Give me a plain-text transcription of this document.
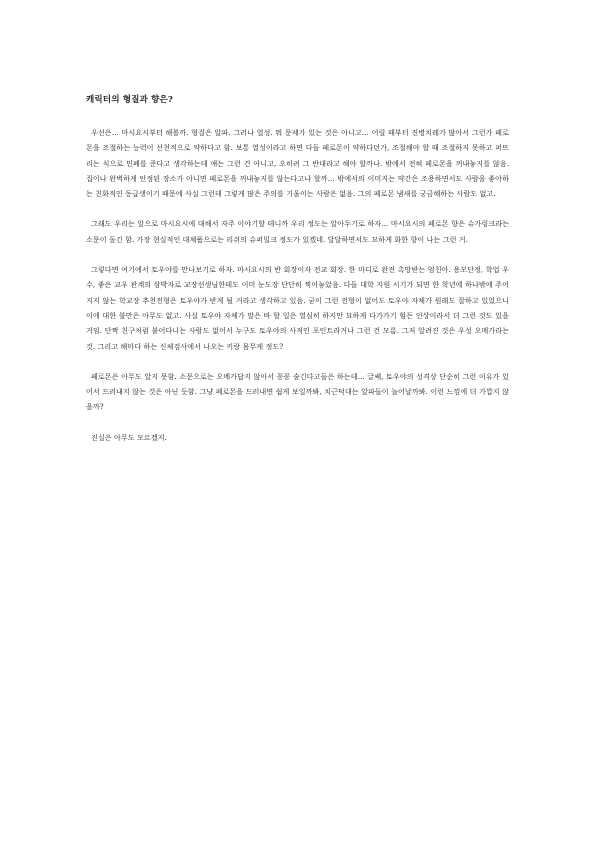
캐릭터의 형질과 향은?

우선은… 마시요시부터 해볼까. 형질은 알파. 그러나 열성. 뭐 문제가 있는 것은 아니고… 어릴 때부터 진병치레가 많아서 그런가 페로몬을 조절하는 능력이 선천적으로 약하다고 함. 보통 열성이라고 하면 다들 페로몬이 약하다던가, 조절해야 할 때 조절하지 못하고 퍼뜨리는 식으로 민폐를 준다고 생각하는데 얘는 그런 건 아니고, 오히려 그 반대라고 해야 할까나. 밖에서 전혀 페로몬을 꺼내놓지를 않음. 집이나 완벽하게 안정된 장소가 아니면 페로몬을 꺼내놓지를 않는다고나 할까… 밖에서의 이미지는 약간은 조용하면서도 사람을 좋아하는 친화적인 동급생이기 때문에 사실 그런데 그렇게 많은 주의를 기울이는 사람은 없음. 그의 페로몬 냄새를 궁금해하는 사람도 없고.

그래도 우리는 앞으로 마시요시에 대해서 자주 이야기할 테니까 우리 정도는 알아두기로 하자… 마시요시의 페로몬 향은 슈가링크라는 소문이 돌긴 함. 가장 현실적인 대체품으로는 리쉬의 슈퍼밀크 정도가 있겠네. 달달하면서도 묘하게 화한 향이 나는 그런 거.

그렇다면 여기에서 토우야를 만나보기로 하자. 마시요시의 반 회장이자 전교 회장. 한 마디로 완전 촉망받는 엄친아. 용모단정, 학업 우수, 좋은 교우 관계의 삼박자로 교장선생님한테도 이미 눈도장 단단히 찍어놓았음. 다들 대학 지원 시기가 되면 한 학년에 하나밖에 주어지지 않는 학교장 추천전형은 토우야가 받게 될 거라고 생각하고 있음. 굳이 그런 전형이 없어도 토우야 자체가 원래도 잘하고 있었으니 이에 대한 불만은 아무도 없고. 사실 토우야 자체가 말은 바 할 일은 열심히 하지만 묘하게 다가가기 힘든 인상이라서 더 그런 것도 있을 거임. 단짝 친구처럼 붙어다니는 사람도 없어서 누구도 토우야의 사적인 포인트라거나 그런 건 모름. 그저 알려진 것은 우성 오메가라는 것. 그리고 해마다 하는 신체검사에서 나오는 키랑 몸무게 정도?

페로몬은 아무도 알지 못함. 소문으로는 오메가답지 않아서 꽁꽁 숨긴다고들은 하는데… 글쎄, 토우야의 성격상 단순히 그런 이유가 있어서 드러내지 않는 것은 아닌 듯함. 그냥 페로몬을 드러내면 쉽게 보일까봐, 치근덕대는 알파들이 늘어날까봐. 이런 느낌에 더 가깝지 않을까?

진실은 아무도 모르겠지.
